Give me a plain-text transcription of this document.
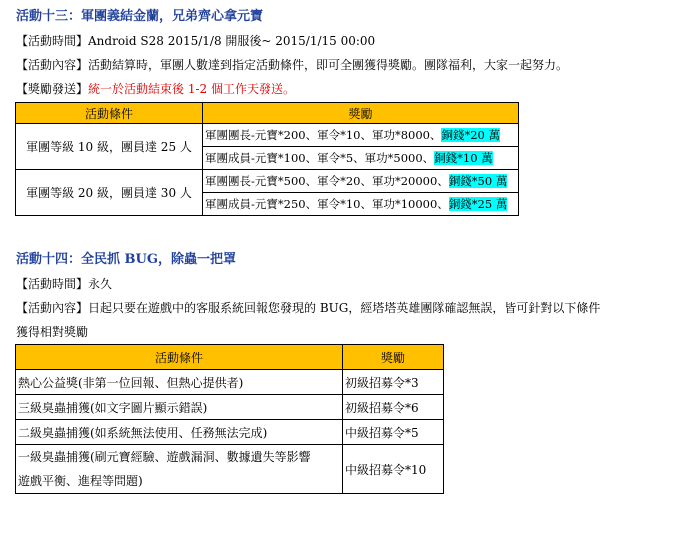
活動十三：軍團義結金蘭，兄弟齊心拿元寶
【活動時間】Android S28 2015/1/8 開服後~ 2015/1/15 00:00
【活動內容】活動結算時，軍團人數達到指定活動條件，即可全團獲得獎勵。團隊福利，大家一起努力。
【獎勵發送】統一於活動結束後 1-2 個工作天發送。
活動條件	獎勵
軍團等級 10 級，團員達 25 人	軍團團長-元寶*200、軍令*10、軍功*8000、銅錢*20 萬
軍團成員-元寶*100、軍令*5、軍功*5000、銅錢*10 萬

軍團等級 20 級，團員達 30 人	軍團團長-元寶*500、軍令*20、軍功*20000、銅錢*50 萬
軍團成員-元寶*250、軍令*10、軍功*10000、銅錢*25 萬
活動十四：全民抓 BUG，除蟲一把罩
【活動時間】永久
【活動內容】日起只要在遊戲中的客服系統回報您發現的 BUG，經塔塔英雄團隊確認無誤，皆可針對以下條件
獲得相對獎勵
活動條件	獎勵
熱心公益獎(非第一位回報、但熱心提供者)	初級招募令*3
三級臭蟲捕獲(如文字圖片顯示錯誤)	初級招募令*6
二級臭蟲捕獲(如系統無法使用、任務無法完成)	中級招募令*5

一級臭蟲捕獲(刷元寶經驗、遊戲漏洞、數據遺失等影響
遊戲平衡、進程等問題)	中級招募令*10
